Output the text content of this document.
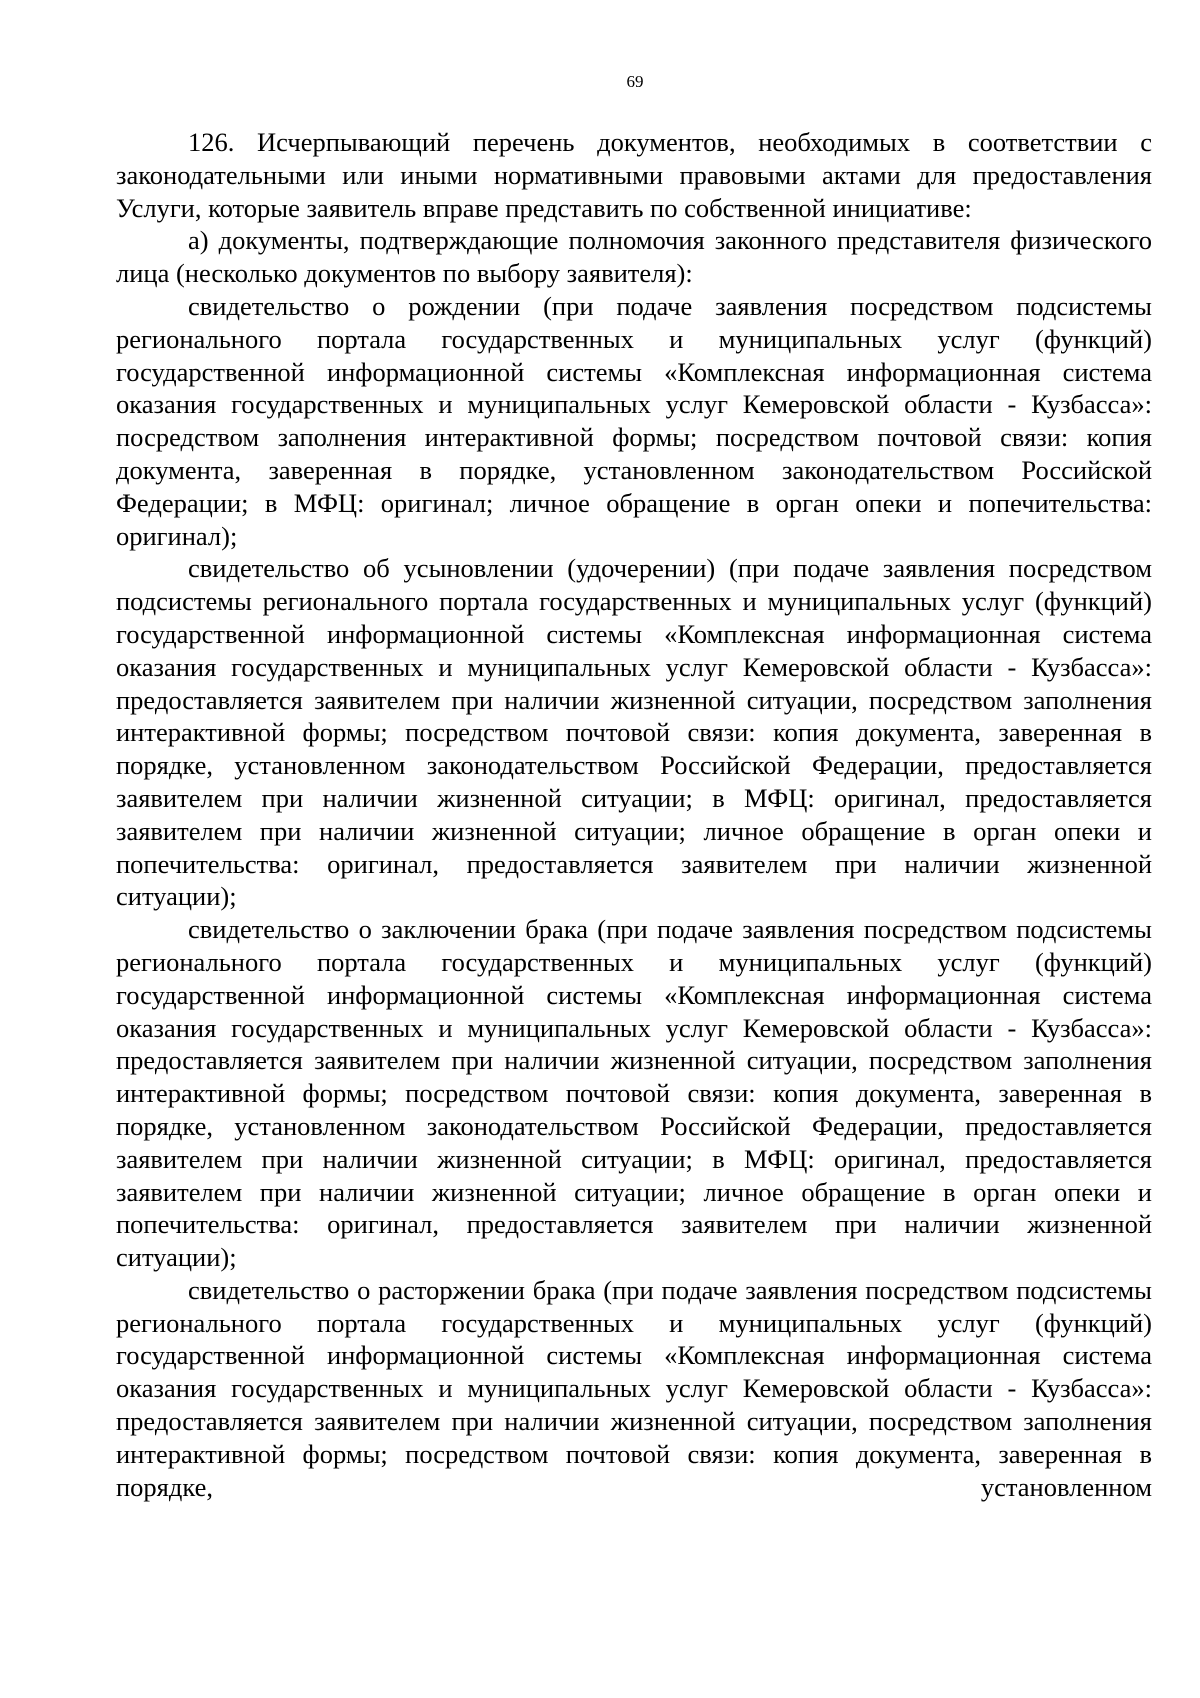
69

126. Исчерпывающий перечень документов, необходимых в соответствии с законодательными или иными нормативными правовыми актами для предоставления Услуги, которые заявитель вправе представить по собственной инициативе:

а) документы, подтверждающие полномочия законного представителя физического лица (несколько документов по выбору заявителя):

свидетельство о рождении (при подаче заявления посредством подсистемы регионального портала государственных и муниципальных услуг (функций) государственной информационной системы «Комплексная информационная система оказания государственных и муниципальных услуг Кемеровской области - Кузбасса»: посредством заполнения интерактивной формы; посредством почтовой связи: копия документа, заверенная в порядке, установленном законодательством Российской Федерации; в МФЦ: оригинал; личное обращение в орган опеки и попечительства: оригинал);

свидетельство об усыновлении (удочерении) (при подаче заявления посредством подсистемы регионального портала государственных и муниципальных услуг (функций) государственной информационной системы «Комплексная информационная система оказания государственных и муниципальных услуг Кемеровской области - Кузбасса»: предоставляется заявителем при наличии жизненной ситуации, посредством заполнения интерактивной формы; посредством почтовой связи: копия документа, заверенная в порядке, установленном законодательством Российской Федерации, предоставляется заявителем при наличии жизненной ситуации; в МФЦ: оригинал, предоставляется заявителем при наличии жизненной ситуации; личное обращение в орган опеки и попечительства: оригинал, предоставляется заявителем при наличии жизненной ситуации);

свидетельство о заключении брака (при подаче заявления посредством подсистемы регионального портала государственных и муниципальных услуг (функций) государственной информационной системы «Комплексная информационная система оказания государственных и муниципальных услуг Кемеровской области - Кузбасса»: предоставляется заявителем при наличии жизненной ситуации, посредством заполнения интерактивной формы; посредством почтовой связи: копия документа, заверенная в порядке, установленном законодательством Российской Федерации, предоставляется заявителем при наличии жизненной ситуации; в МФЦ: оригинал, предоставляется заявителем при наличии жизненной ситуации; личное обращение в орган опеки и попечительства: оригинал, предоставляется заявителем при наличии жизненной ситуации);

свидетельство о расторжении брака (при подаче заявления посредством подсистемы регионального портала государственных и муниципальных услуг (функций) государственной информационной системы «Комплексная информационная система оказания государственных и муниципальных услуг Кемеровской области - Кузбасса»: предоставляется заявителем при наличии жизненной ситуации, посредством заполнения интерактивной формы; посредством почтовой связи: копия документа, заверенная в порядке, установленном
